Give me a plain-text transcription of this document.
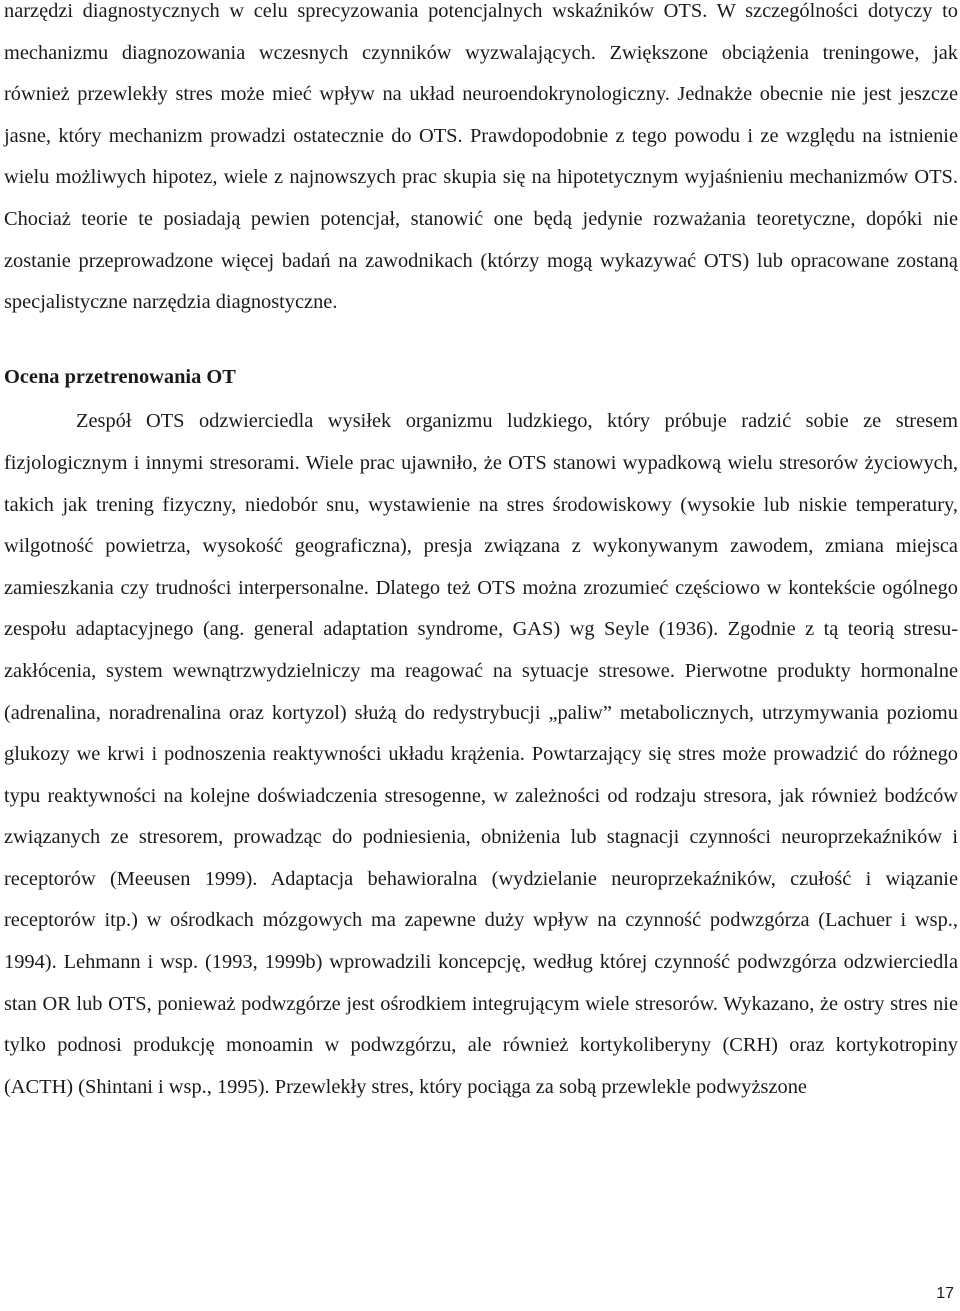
narzędzi diagnostycznych w celu sprecyzowania potencjalnych wskaźników OTS. W szczególności dotyczy to mechanizmu diagnozowania wczesnych czynników wyzwalających. Zwiększone obciążenia treningowe, jak również przewlekły stres może mieć wpływ na układ neuroendokrynologiczny. Jednakże obecnie nie jest jeszcze jasne, który mechanizm prowadzi ostatecznie do OTS. Prawdopodobnie z tego powodu i ze względu na istnienie wielu możliwych hipotez, wiele z najnowszych prac skupia się na hipotetycznym wyjaśnieniu mechanizmów OTS. Chociaż teorie te posiadają pewien potencjał, stanowić one będą jedynie rozważania teoretyczne, dopóki nie zostanie przeprowadzone więcej badań na zawodnikach (którzy mogą wykazywać OTS) lub opracowane zostaną specjalistyczne narzędzia diagnostyczne.

Ocena przetrenowania OT

Zespół OTS odzwierciedla wysiłek organizmu ludzkiego, który próbuje radzić sobie ze stresem fizjologicznym i innymi stresorami. Wiele prac ujawniło, że OTS stanowi wypadkową wielu stresorów życiowych, takich jak trening fizyczny, niedobór snu, wystawienie na stres środowiskowy (wysokie lub niskie temperatury, wilgotność powietrza, wysokość geograficzna), presja związana z wykonywanym zawodem, zmiana miejsca zamieszkania czy trudności interpersonalne. Dlatego też OTS można zrozumieć częściowo w kontekście ogólnego zespołu adaptacyjnego (ang. general adaptation syndrome, GAS) wg Seyle (1936). Zgodnie z tą teorią stresu-zakłócenia, system wewnątrzwydzielniczy ma reagować na sytuacje stresowe. Pierwotne produkty hormonalne (adrenalina, noradrenalina oraz kortyzol) służą do redystrybucji „paliw” metabolicznych, utrzymywania poziomu glukozy we krwi i podnoszenia reaktywności układu krążenia. Powtarzający się stres może prowadzić do różnego typu reaktywności na kolejne doświadczenia stresogenne, w zależności od rodzaju stresora, jak również bodźców związanych ze stresorem, prowadząc do podniesienia, obniżenia lub stagnacji czynności neuroprzekaźników i receptorów (Meeusen 1999). Adaptacja behawioralna (wydzielanie neuroprzekaźników, czułość i wiązanie receptorów itp.) w ośrodkach mózgowych ma zapewne duży wpływ na czynność podwzgórza (Lachuer i wsp., 1994). Lehmann i wsp. (1993, 1999b) wprowadzili koncepcję, według której czynność podwzgórza odzwierciedla stan OR lub OTS, ponieważ podwzgórze jest ośrodkiem integrującym wiele stresorów. Wykazano, że ostry stres nie tylko podnosi produkcję monoamin w podwzgórzu, ale również kortykoliberyny (CRH) oraz kortykotropiny (ACTH) (Shintani i wsp., 1995). Przewlekły stres, który pociąga za sobą przewlekle podwyższone

17
